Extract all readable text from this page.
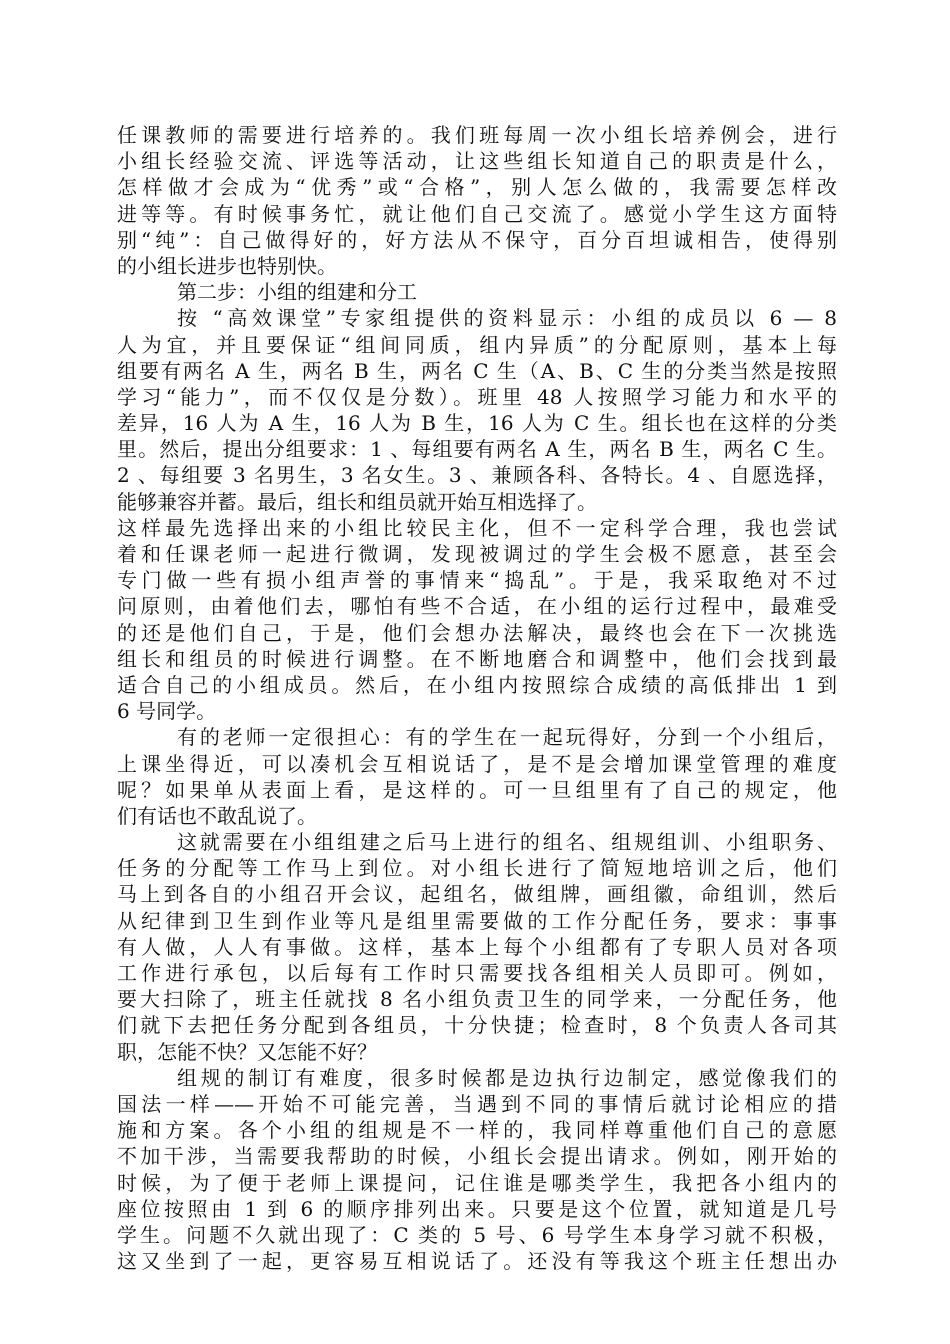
任课教师的需要进行培养的。我们班每周一次小组长培养例会，进行
小组长经验交流、评选等活动，让这些组长知道自己的职责是什么，
怎样做才会成为“优秀”或“合格”，别人怎么做的，我需要怎样改
进等等。有时候事务忙，就让他们自己交流了。感觉小学生这方面特
别“纯”：自己做得好的，好方法从不保守，百分百坦诚相告，使得别
的小组长进步也特别快。
第二步：小组的组建和分工
按 “高效课堂”专家组提供的资料显示：小组的成员以 6 — 8
人为宜，并且要保证“组间同质，组内异质”的分配原则，基本上每
组要有两名 A 生，两名 B 生，两名 C 生（A、B、C 生的分类当然是按照
学习“能力”，而不仅仅是分数）。班里 48 人按照学习能力和水平的
差异，16 人为 A 生，16 人为 B 生，16 人为 C 生。组长也在这样的分类
里。然后，提出分组要求：1 、每组要有两名 A 生，两名 B 生，两名 C 生。
2 、每组要 3 名男生，3 名女生。3 、兼顾各科、各特长。4 、自愿选择，
能够兼容并蓄。最后，组长和组员就开始互相选择了。
这样最先选择出来的小组比较民主化，但不一定科学合理，我也尝试
着和任课老师一起进行微调，发现被调过的学生会极不愿意，甚至会
专门做一些有损小组声誉的事情来“捣乱”。于是，我采取绝对不过
问原则，由着他们去，哪怕有些不合适，在小组的运行过程中，最难受
的还是他们自己，于是，他们会想办法解决，最终也会在下一次挑选
组长和组员的时候进行调整。在不断地磨合和调整中，他们会找到最
适合自己的小组成员。然后，在小组内按照综合成绩的高低排出 1 到
6 号同学。
有的老师一定很担心：有的学生在一起玩得好，分到一个小组后，
上课坐得近，可以凑机会互相说话了，是不是会增加课堂管理的难度
呢？如果单从表面上看，是这样的。可一旦组里有了自己的规定，他
们有话也不敢乱说了。
这就需要在小组组建之后马上进行的组名、组规组训、小组职务、
任务的分配等工作马上到位。对小组长进行了简短地培训之后，他们
马上到各自的小组召开会议，起组名，做组牌，画组徽，命组训，然后
从纪律到卫生到作业等凡是组里需要做的工作分配任务，要求：事事
有人做，人人有事做。这样，基本上每个小组都有了专职人员对各项
工作进行承包，以后每有工作时只需要找各组相关人员即可。例如，
要大扫除了，班主任就找 8 名小组负责卫生的同学来，一分配任务，他
们就下去把任务分配到各组员，十分快捷；检查时，8 个负责人各司其
职，怎能不快？又怎能不好？
组规的制订有难度，很多时候都是边执行边制定，感觉像我们的
国法一样——开始不可能完善，当遇到不同的事情后就讨论相应的措
施和方案。各个小组的组规是不一样的，我同样尊重他们自己的意愿
不加干涉，当需要我帮助的时候，小组长会提出请求。例如，刚开始的
时候，为了便于老师上课提问，记住谁是哪类学生，我把各小组内的
座位按照由 1 到 6 的顺序排列出来。只要是这个位置，就知道是几号
学生。问题不久就出现了：C 类的 5 号、6 号学生本身学习就不积极，
这又坐到了一起，更容易互相说话了。还没有等我这个班主任想出办
